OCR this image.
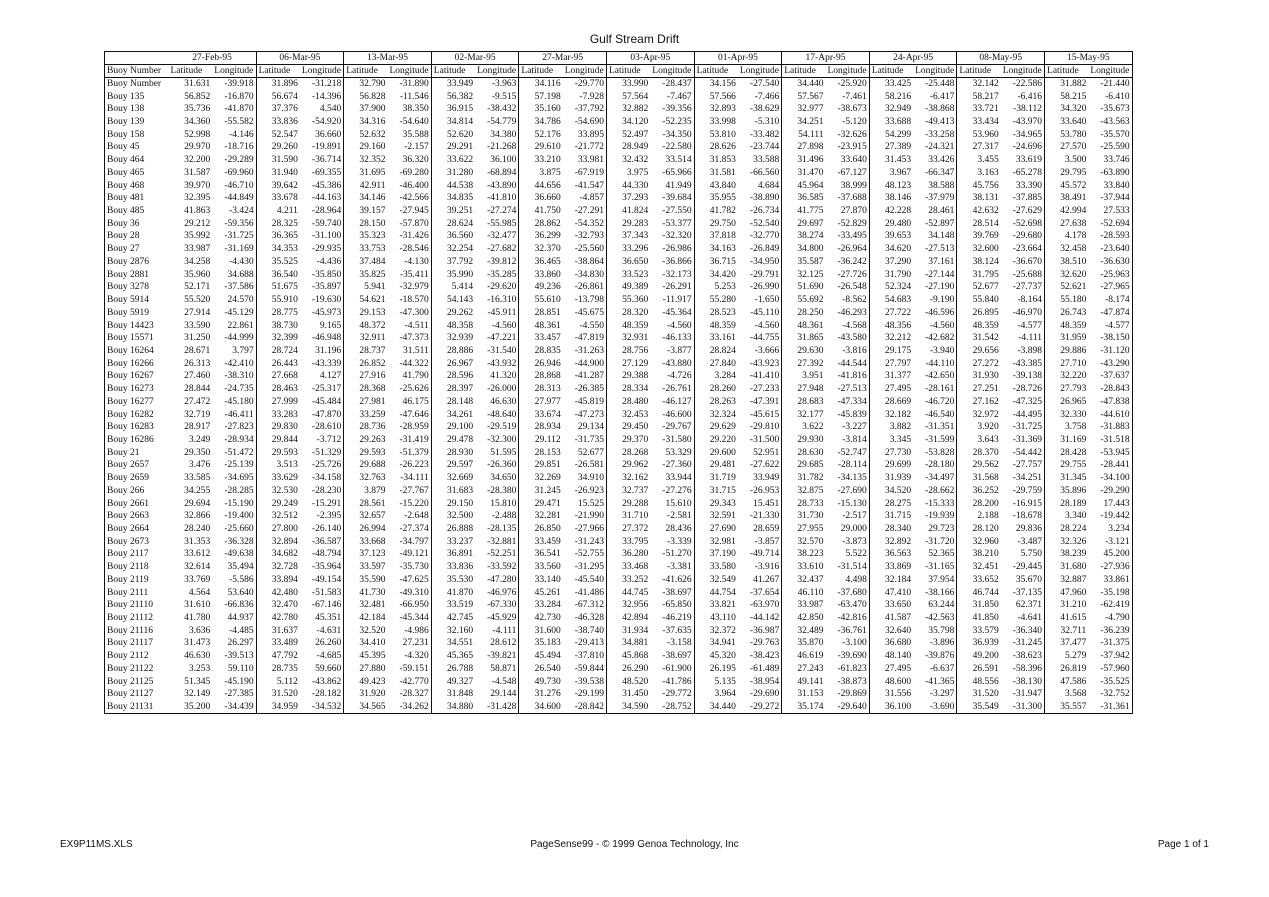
Gulf Stream Drift
	27-Feb-95		06-Mar-95		13-Mar-95		02-Mar-95		27-Mar-95		03-Apr-95		01-Apr-95		17-Apr-95		24-Apr-95		08-May-95		15-May-95	
Buoy Number	Latitude	Longitude	Latitude	Longitude	Latitude	Longitude	Latitude	Longitude	Latitude	Longitude	Latitude	Longitude	Latitude	Longitude	Latitude	Longitude	Latitude	Longitude	Latitude	Longitude	Latitude	Longitude
Buoy Number	31.631	-39.918	31.896	-31.218	32.790	-31.890	33.949	-3.963	34.116	-29.770	33.990	-28.437	34.156	-27.540	34.440	-25.920	33.425	-25.448	32.142	-22.586	31.882	-21.440
Bouy 135	56.852	-16.870	56.674	-14.396	56.828	-11.546	56.382	-9.515	57.198	-7.928	57.564	-7.467	57.566	-7.466	57.567	-7.461	58.216	-6.417	58.217	-6.416	58.215	-6.410
Bouy 138	35.736	-41.870	37.376	4.540	37.900	38.350	36.915	-38.432	35.160	-37.792	32.882	-39.356	32.893	-38.629	32.977	-38.673	32.949	-38.868	33.721	-38.112	34.320	-35.673
Bouy 139	34.360	-55.582	33.836	-54.920	34.316	-54.640	34.814	-54.779	34.786	-54.690	34.120	-52.235	33.998	-5.310	34.251	-5.120	33.688	-49.413	33.434	-43.970	33.640	-43.563
Bouy 158	52.998	-4.146	52.547	36.660	52.632	35.588	52.620	34.380	52.176	33.895	52.497	-34.350	53.810	-33.482	54.111	-32.626	54.299	-33.258	53.960	-34.965	53.780	-35.570
Bouy 45	29.970	-18.716	29.260	-19.891	29.160	-2.157	29.291	-21.268	29.610	-21.772	28.949	-22.580	28.626	-23.744	27.898	-23.915	27.389	-24.321	27.317	-24.696	27.570	-25.590
Bouy 464	32.200	-29.289	31.590	-36.714	32.352	36.320	33.622	36.100	33.210	33.981	32.432	33.514	31.853	33.588	31.496	33.640	31.453	33.426	3.455	33.619	3.500	33.746
Bouy 465	31.587	-69.960	31.940	-69.355	31.695	-69.280	31.280	-68.894	3.875	-67.919	3.975	-65.966	31.581	-66.560	31.470	-67.127	3.967	-66.347	3.163	-65.278	29.795	-63.890
Bouy 468	39.970	-46.710	39.642	-45.386	42.911	-46.400	44.538	-43.890	44.656	-41.547	44.330	41.949	43.840	4.684	45.964	38.999	48.123	38.588	45.756	33.390	45.572	33.840
Bouy 481	32.395	-44.849	33.678	-44.163	34.146	-42.566	34.835	-41.810	36.660	-4.857	37.293	-39.684	35.955	-38.890	36.585	-37.688	38.146	-37.979	38.131	-37.885	38.491	-37.944
Bouy 485	41.863	-3.424	4.211	-28.964	39.157	-27.945	39.251	-27.274	41.750	-27.291	41.824	-27.550	41.782	-26.734	41.775	27.870	42.228	28.461	42.632	-27.629	42.994	27.533
Bouy 36	29.212	-59.356	28.325	-59.740	28.150	-57.870	28.624	-55.985	28.862	-54.352	29.283	-53.377	29.750	-52.540	29.697	-52.829	29.480	-52.897	28.514	-52.698	27.638	-52.694
Bouy 28	35.992	-31.725	36.365	-31.100	35.323	-31.426	36.560	-32.477	36.299	-32.793	37.343	-32.320	37.818	-32.770	38.274	-33.495	39.653	34.148	39.769	-29.680	4.178	-28.593
Bouy 27	33.987	-31.169	34.353	-29.935	33.753	-28.546	32.254	-27.682	32.370	-25.560	33.296	-26.986	34.163	-26.849	34.800	-26.964	34.620	-27.513	32.600	-23.664	32.458	-23.640
Bouy 2876	34.258	-4.430	35.525	-4.436	37.484	-4.130	37.792	-39.812	36.465	-38.864	36.650	-36.866	36.715	-34.950	35.587	-36.242	37.290	37.161	38.124	-36.670	38.510	-36.630
Bouy 2881	35.960	34.688	36.540	-35.850	35.825	-35.411	35.990	-35.285	33.860	-34.830	33.523	-32.173	34.420	-29.791	32.125	-27.726	31.790	-27.144	31.795	-25.688	32.620	-25.963
Bouy 3278	52.171	-37.586	51.675	-35.897	5.941	-32.979	5.414	-29.620	49.236	-26.861	49.389	-26.291	5.253	-26.990	51.690	-26.548	52.324	-27.190	52.677	-27.737	52.621	-27.965
Bouy 5914	55.520	24.570	55.910	-19.630	54.621	-18.570	54.143	-16.310	55.610	-13.798	55.360	-11.917	55.280	-1.650	55.692	-8.562	54.683	-9.190	55.840	-8.164	55.180	-8.174
Bouy 5919	27.914	-45.129	28.775	-45.973	29.153	-47.300	29.262	-45.911	28.851	-45.675	28.320	-45.364	28.523	-45.110	28.250	-46.293	27.722	-46.596	26.895	-46.970	26.743	-47.874
Bouy 14423	33.590	22.861	38.730	9.165	48.372	-4.511	48.358	-4.560	48.361	-4.550	48.359	-4.560	48.359	-4.560	48.361	-4.568	48.356	-4.560	48.359	-4.577	48.359	-4.577
Bouy 15571	31.250	-44.999	32.399	-46.948	32.911	-47.373	32.939	-47.221	33.457	-47.819	32.931	-46.133	33.161	-44.755	31.865	-43.580	32.212	-42.682	31.542	-4.111	31.959	-38.150
Bouy 16264	28.671	3.797	28.724	31.196	28.737	31.511	28.886	-31.540	28.835	-31.263	28.756	-3.877	28.824	-3.666	29.630	-3.816	29.175	-3.940	29.656	-3.898	29.886	-31.120
Bouy 16266	26.313	-42.410	26.443	-43.339	26.852	-44.322	26.967	-43.932	26.946	-44.900	27.129	-43.880	27.840	-43.923	27.392	-44.544	27.797	-44.110	27.272	-43.385	27.710	-43.290
Bouy 16267	27.460	-38.310	27.668	4.127	27.916	41.790	28.596	41.320	28.868	-41.287	29.388	-4.726	3.284	-41.410	3.951	-41.816	31.377	-42.650	31.930	-39.138	32.220	-37.637
Bouy 16273	28.844	-24.735	28.463	-25.317	28.368	-25.626	28.397	-26.000	28.313	-26.385	28.334	-26.761	28.260	-27.233	27.948	-27.513	27.495	-28.161	27.251	-28.726	27.793	-28.843
Bouy 16277	27.472	-45.180	27.999	-45.484	27.981	46.175	28.148	46.630	27.977	-45.819	28.480	-46.127	28.263	-47.391	28.683	-47.334	28.669	-46.720	27.162	-47.325	26.965	-47.838
Bouy 16282	32.719	-46.411	33.283	-47.870	33.259	-47.646	34.261	-48.640	33.674	-47.273	32.453	-46.600	32.324	-45.615	32.177	-45.839	32.182	-46.540	32.972	-44.495	32.330	-44.610
Bouy 16283	28.917	-27.823	29.830	-28.610	28.736	-28.959	29.100	-29.519	28.934	29.134	29.450	-29.767	29.629	-29.810	3.622	-3.227	3.882	-31.351	3.920	-31.725	3.758	-31.883
Bouy 16286	3.249	-28.934	29.844	-3.712	29.263	-31.419	29.478	-32.300	29.112	-31.735	29.370	-31.580	29.220	-31.500	29.930	-3.814	3.345	-31.599	3.643	-31.369	31.169	-31.518
Bouy 21	29.350	-51.472	29.593	-51.329	29.593	-51.379	28.930	51.595	28.153	52.677	28.268	53.329	29.600	52.951	28.630	-52.747	27.730	-53.828	28.370	-54.442	28.428	-53.945
Bouy 2657	3.476	-25.139	3.513	-25.726	29.688	-26.223	29.597	-26.360	29.851	-26.581	29.962	-27.360	29.481	-27.622	29.685	-28.114	29.699	-28.180	29.562	-27.757	29.755	-28.441
Bouy 2659	33.585	-34.695	33.629	-34.158	32.763	-34.111	32.669	34.650	32.269	34.910	32.162	33.944	31.719	33.949	31.782	-34.135	31.939	-34.497	31.568	-34.251	31.345	-34.100
Bouy 266	34.255	-28.285	32.530	-28.230	3.879	-27.767	31.683	-28.380	31.245	-26.923	32.737	-27.276	31.715	-26.953	32.875	-27.690	34.520	-28.662	36.252	-29.759	35.896	-29.290
Bouy 2661	29.694	-15.190	29.249	-15.291	28.561	-15.220	29.150	15.810	29.471	15.525	29.288	15.610	29.343	15.451	28.733	-15.130	28.275	-15.333	28.200	-16.915	28.189	17.443
Bouy 2663	32.866	-19.400	32.512	-2.395	32.657	-2.648	32.500	-2.488	32.281	-21.990	31.710	-2.581	32.591	-21.330	31.730	-2.517	31.715	-19.939	2.188	-18.678	3.340	-19.442
Bouy 2664	28.240	-25.660	27.800	-26.140	26.994	-27.374	26.888	-28.135	26.850	-27.966	27.372	28.436	27.690	28.659	27.955	29.000	28.340	29.723	28.120	29.836	28.224	3.234
Bouy 2673	31.353	-36.328	32.894	-36.587	33.668	-34.797	33.237	-32.881	33.459	-31.243	33.795	-3.339	32.981	-3.857	32.570	-3.873	32.892	-31.720	32.960	-3.487	32.326	-3.121
Bouy 2117	33.612	-49.638	34.682	-48.794	37.123	-49.121	36.891	-52.251	36.541	-52.755	36.280	-51.270	37.190	-49.714	38.223	5.522	36.563	52.365	38.210	5.750	38.239	45.200
Bouy 2118	32.614	35.494	32.728	-35.964	33.597	-35.730	33.836	-33.592	33.560	-31.295	33.468	-3.381	33.580	-3.916	33.610	-31.514	33.869	-31.165	32.451	-29.445	31.680	-27.936
Bouy 2119	33.769	-5.586	33.894	-49.154	35.590	-47.625	35.530	-47.280	33.140	-45.540	33.252	-41.626	32.549	41.267	32.437	4.498	32.184	37.954	33.652	35.670	32.887	33.861
Bouy 2111	4.564	53.640	42.480	-51.583	41.730	-49.310	41.870	-46.976	45.261	-41.486	44.745	-38.697	44.754	-37.654	46.110	-37.680	47.410	-38.166	46.744	-37.135	47.960	-35.198
Bouy 21110	31.610	-66.836	32.470	-67.146	32.481	-66.950	33.519	-67.330	33.284	-67.312	32.956	-65.850	33.821	-63.970	33.987	-63.470	33.650	63.244	31.850	62.371	31.210	-62.419
Bouy 21112	41.780	44.937	42.780	45.351	42.184	-45.344	42.745	-45.929	42.730	-46.328	42.894	-46.219	43.110	-44.142	42.850	-42.816	41.587	-42.563	41.850	-4.641	41.615	-4.790
Bouy 21116	3.636	-4.485	31.637	-4.631	32.520	-4.986	32.160	-4.111	31.600	-38.740	31.934	-37.635	32.372	-36.987	32.489	-36.761	32.640	35.798	33.579	-36.340	32.711	-36.239
Bouy 21117	31.473	26.297	33.489	26.260	34.410	27.231	34.551	28.612	35.183	-29.413	34.881	-3.158	34.941	-29.763	35.870	-3.100	36.680	-3.896	36.939	-31.245	37.477	-31.375
Bouy 2112	46.630	-39.513	47.792	-4.685	45.395	-4.320	45.365	-39.821	45.494	-37.810	45.868	-38.697	45.320	-38.423	46.619	-39.690	48.140	-39.876	49.200	-38.623	5.279	-37.942
Bouy 21122	3.253	59.110	28.735	59.660	27.880	-59.151	26.788	58.871	26.540	-59.844	26.290	-61.900	26.195	-61.489	27.243	-61.823	27.495	-6.637	26.591	-58.396	26.819	-57.960
Bouy 21125	51.345	-45.190	5.112	-43.862	49.423	-42.770	49.327	-4.548	49.730	-39.538	48.520	-41.786	5.135	-38.954	49.141	-38.873	48.600	-41.365	48.556	-38.130	47.586	-35.525
Bouy 21127	32.149	-27.385	31.520	-28.182	31.920	-28.327	31.848	29.144	31.276	-29.199	31.450	-29.772	3.964	-29.690	31.153	-29.869	31.556	-3.297	31.520	-31.947	3.568	-32.752
Bouy 21131	35.200	-34.439	34.959	-34.532	34.565	-34.262	34.880	-31.428	34.600	-28.842	34.590	-28.752	34.440	-29.272	35.174	-29.640	36.100	-3.690	35.549	-31.300	35.557	-31.361
EX9P11MS.XLS	PageSense99 - © 1999 Genoa Technology, Inc	Page 1 of 1
